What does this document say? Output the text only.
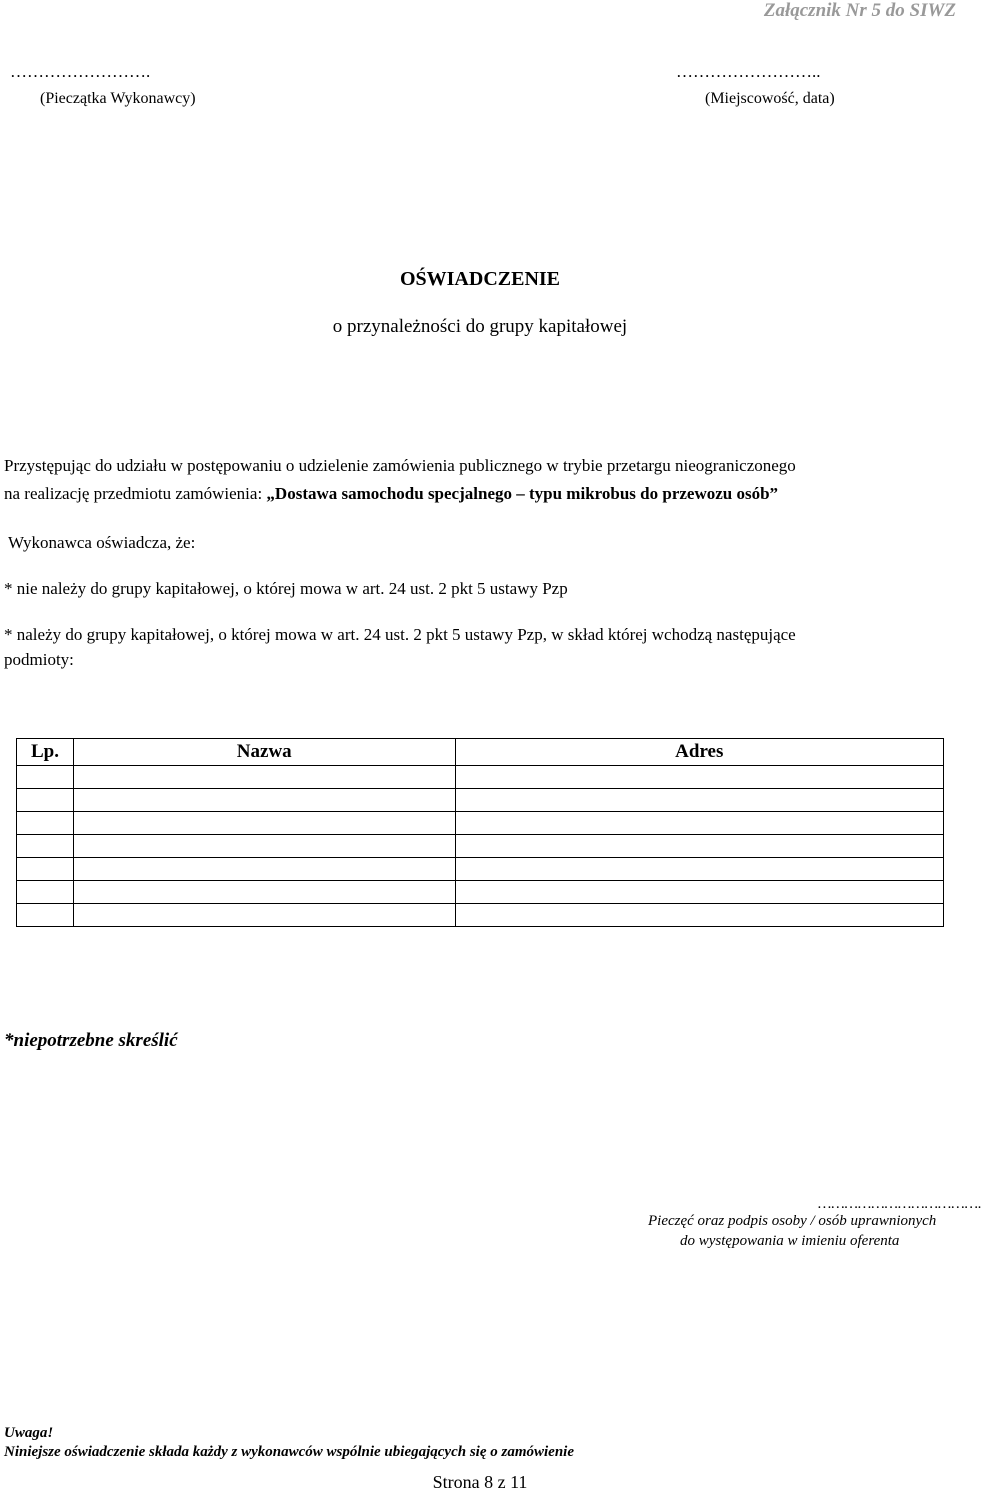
Załącznik Nr 5 do SIWZ
…………………….
(Pieczątka Wykonawcy)
……………………..
(Miejscowość, data)
OŚWIADCZENIE
o przynależności do grupy kapitałowej
Przystępując do udziału w postępowaniu o udzielenie zamówienia publicznego w trybie przetargu nieograniczonego
na realizację przedmiotu zamówienia: „Dostawa samochodu specjalnego – typu mikrobus do przewozu osób”
Wykonawca oświadcza, że:
* nie należy do grupy kapitałowej, o której mowa w art. 24 ust. 2 pkt 5 ustawy Pzp
* należy do grupy kapitałowej, o której mowa w art. 24 ust. 2 pkt 5 ustawy Pzp, w skład której wchodzą następujące
podmioty:
Lp.	Nazwa	Adres

*niepotrzebne skreślić
……………………………….
Pieczęć oraz podpis osoby / osób uprawnionych
do występowania w imieniu oferenta
Uwaga!
Niniejsze oświadczenie składa każdy z wykonawców wspólnie ubiegających się o zamówienie
Strona 8 z 11
